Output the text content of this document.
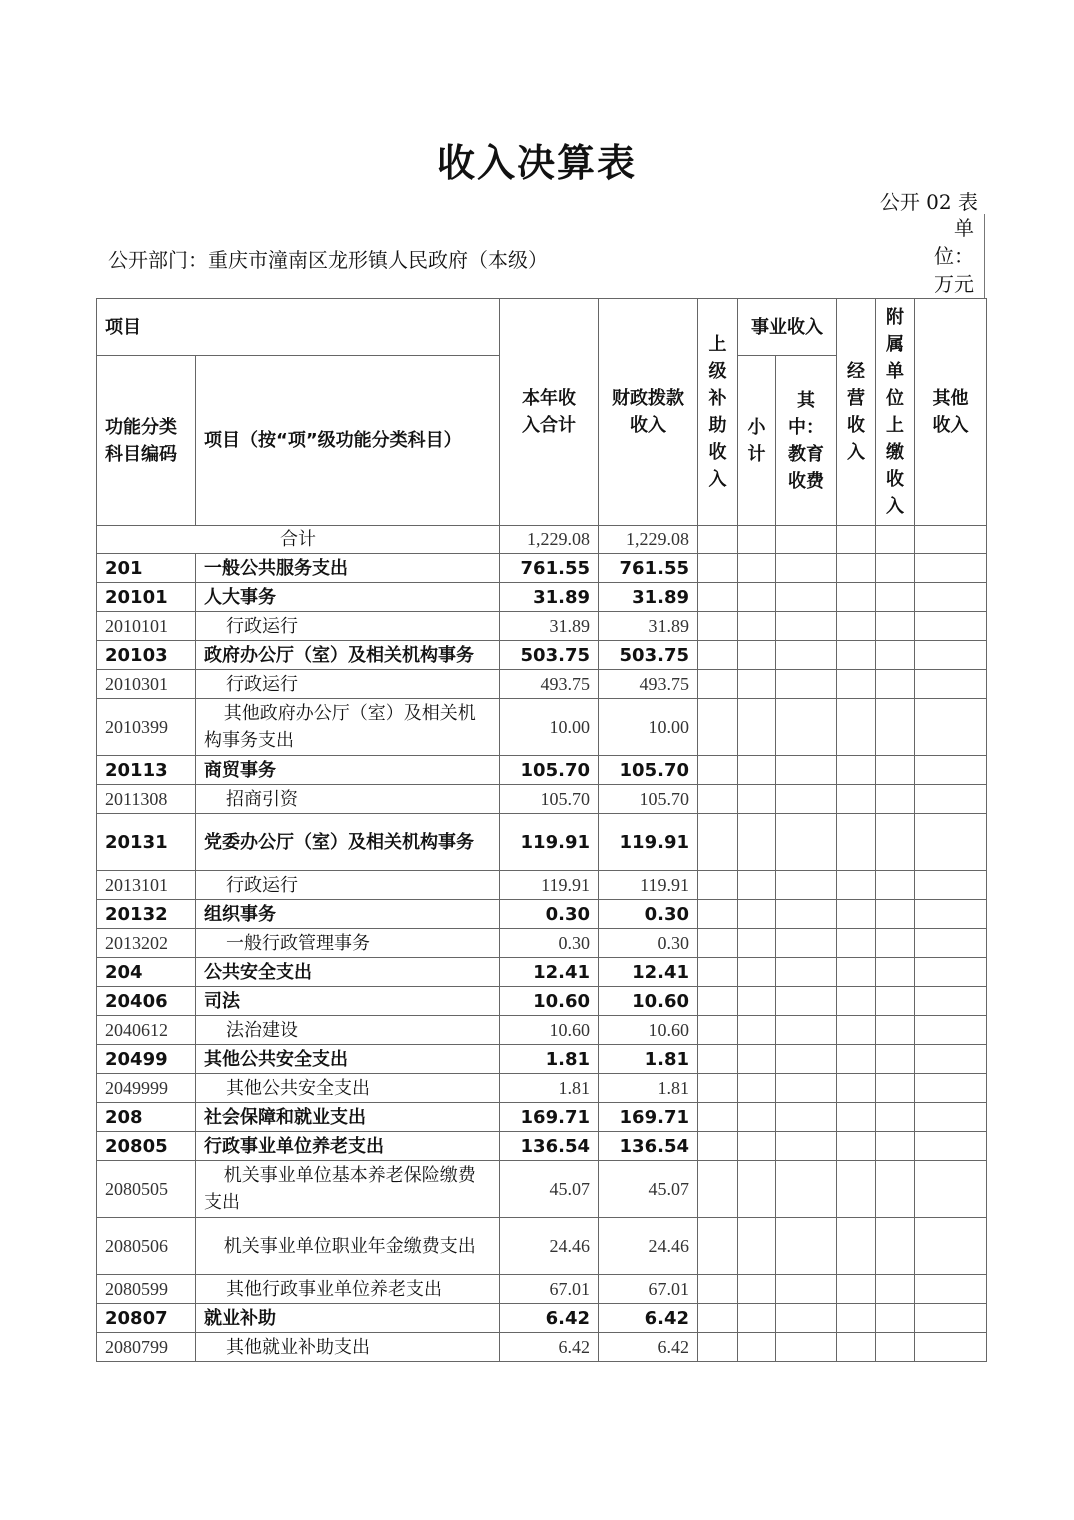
收入决算表
公开 02 表
公开部门：重庆市潼南区龙形镇人民政府（本级）
单
位：
万元
项目		本年收入合计	财政拨款收入	上级补助收入	事业收入		经营收入	附属单位上缴收入	其他收入

功能分类科目编码	项目（按“项”级功能分类科目）				小计	其中：教育收费			

合计		1,229.08	1,229.08						
201	一般公共服务支出	761.55	761.55						
20101	人大事务	31.89	31.89						
2010101	行政运行	31.89	31.89						
20103	政府办公厅（室）及相关机构事务	503.75	503.75						
2010301	行政运行	493.75	493.75						
2010399	其他政府办公厅（室）及相关机构事务支出	10.00	10.00						
20113	商贸事务	105.70	105.70						
2011308	招商引资	105.70	105.70						
20131	党委办公厅（室）及相关机构事务	119.91	119.91						
2013101	行政运行	119.91	119.91						
20132	组织事务	0.30	0.30						
2013202	一般行政管理事务	0.30	0.30						
204	公共安全支出	12.41	12.41						
20406	司法	10.60	10.60						
2040612	法治建设	10.60	10.60						
20499	其他公共安全支出	1.81	1.81						
2049999	其他公共安全支出	1.81	1.81						
208	社会保障和就业支出	169.71	169.71						
20805	行政事业单位养老支出	136.54	136.54						
2080505	机关事业单位基本养老保险缴费支出	45.07	45.07						
2080506	机关事业单位职业年金缴费支出	24.46	24.46						
2080599	其他行政事业单位养老支出	67.01	67.01						
20807	就业补助	6.42	6.42						
2080799	其他就业补助支出	6.42	6.42						
